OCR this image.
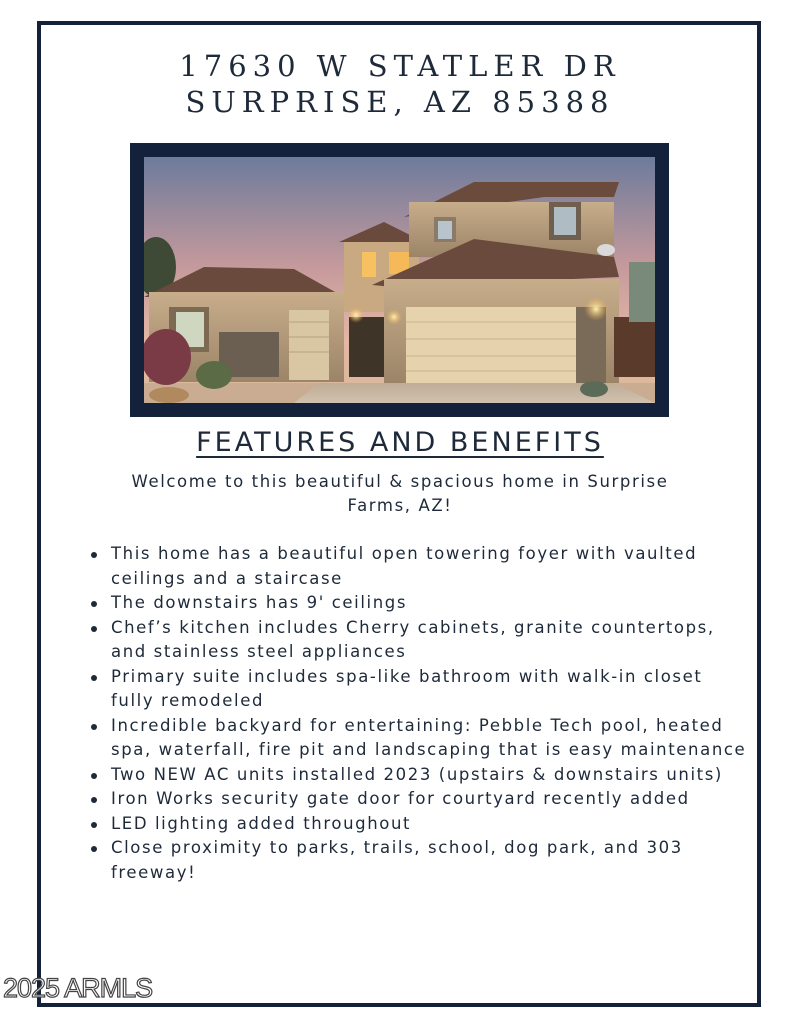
17630 W STATLER DR
SURPRISE, AZ 85388
FEATURES AND BENEFITS
Welcome to this beautiful & spacious home in Surprise Farms, AZ!
This home has a beautiful open towering foyer with vaulted ceilings and a staircase
The downstairs has 9' ceilings
Chef’s kitchen includes Cherry cabinets, granite countertops, and stainless steel appliances
Primary suite includes spa-like bathroom with walk-in closet fully remodeled
Incredible backyard for entertaining: Pebble Tech pool, heated spa, waterfall, fire pit and landscaping that is easy maintenance
Two NEW AC units installed 2023 (upstairs & downstairs units)
Iron Works security gate door for courtyard recently added
LED lighting added throughout
Close proximity to parks, trails, school, dog park, and 303 freeway!
2025 ARMLS
